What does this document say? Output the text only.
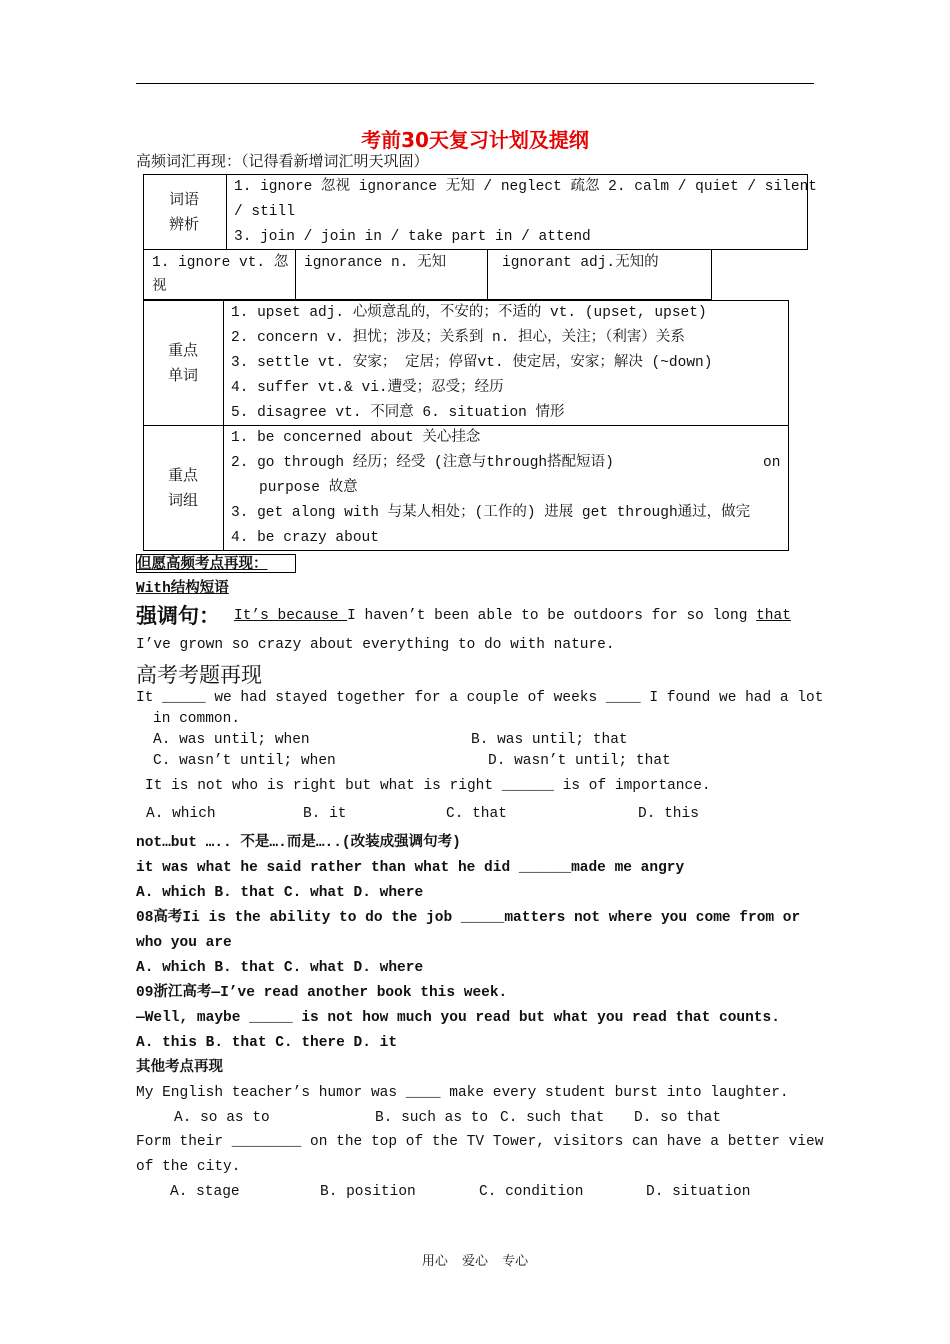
考前30天复习计划及提纲
高频词汇再现：（记得看新增词汇明天巩固）
词语
辨析
1. ignore 忽视 ignorance 无知 / neglect 疏忽 2. calm / quiet / silent
/ still
3. join / join in / take part in / attend
1. ignore vt. 忽
视
ignorance n. 无知	ignorant adj.无知的
重点
单词
1. upset adj. 心烦意乱的，不安的；不适的 vt. (upset, upset)
2. concern v. 担忧；涉及；关系到 n. 担心，关注；（利害）关系
3. settle vt. 安家； 定居；停留vt. 使定居，安家；解决 (~down)
4. suffer vt.& vi.遭受；忍受；经历
5. disagree vt. 不同意 6. situation 情形
重点
词组
1. be concerned about 关心挂念
2. go through 经历；经受 (注意与through搭配短语)	on
purpose 故意
3. get along with 与某人相处；(工作的) 进展 get through通过，做完
4. be crazy about
但愿高频考点再现：
With结构短语
强调句： It’s because I haven’t been able to be outdoors for so long that
I’ve grown so crazy about everything to do with nature.
高考考题再现
It _____ we had stayed together for a couple of weeks ____ I found we had a lot
in common.
A. was until; when	B. was until; that
C. wasn’t until; when	D. wasn’t until; that
It is not who is right but what is right ______ is of importance.
A. which	B. it	C. that	D. this
not…but ….. 不是….而是…..(改装成强调句考)
it was what he said rather than what he did ______made me angry
A. which B. that C. what D. where
08高考Ii is the ability to do the job _____matters not where you come from or
who you are
A. which B. that C. what D. where
09浙江高考—I’ve read another book this week.
—Well, maybe _____ is not how much you read but what you read that counts.
A. this B. that C. there D. it
其他考点再现
My English teacher’s humor was ____ make every student burst into laughter.
A. so as to	B. such as to C. such that D. so that
Form their ________ on the top of the TV Tower, visitors can have a better view
of the city.
A. stage	B. position	C. condition	D. situation
用心 爱心 专心
